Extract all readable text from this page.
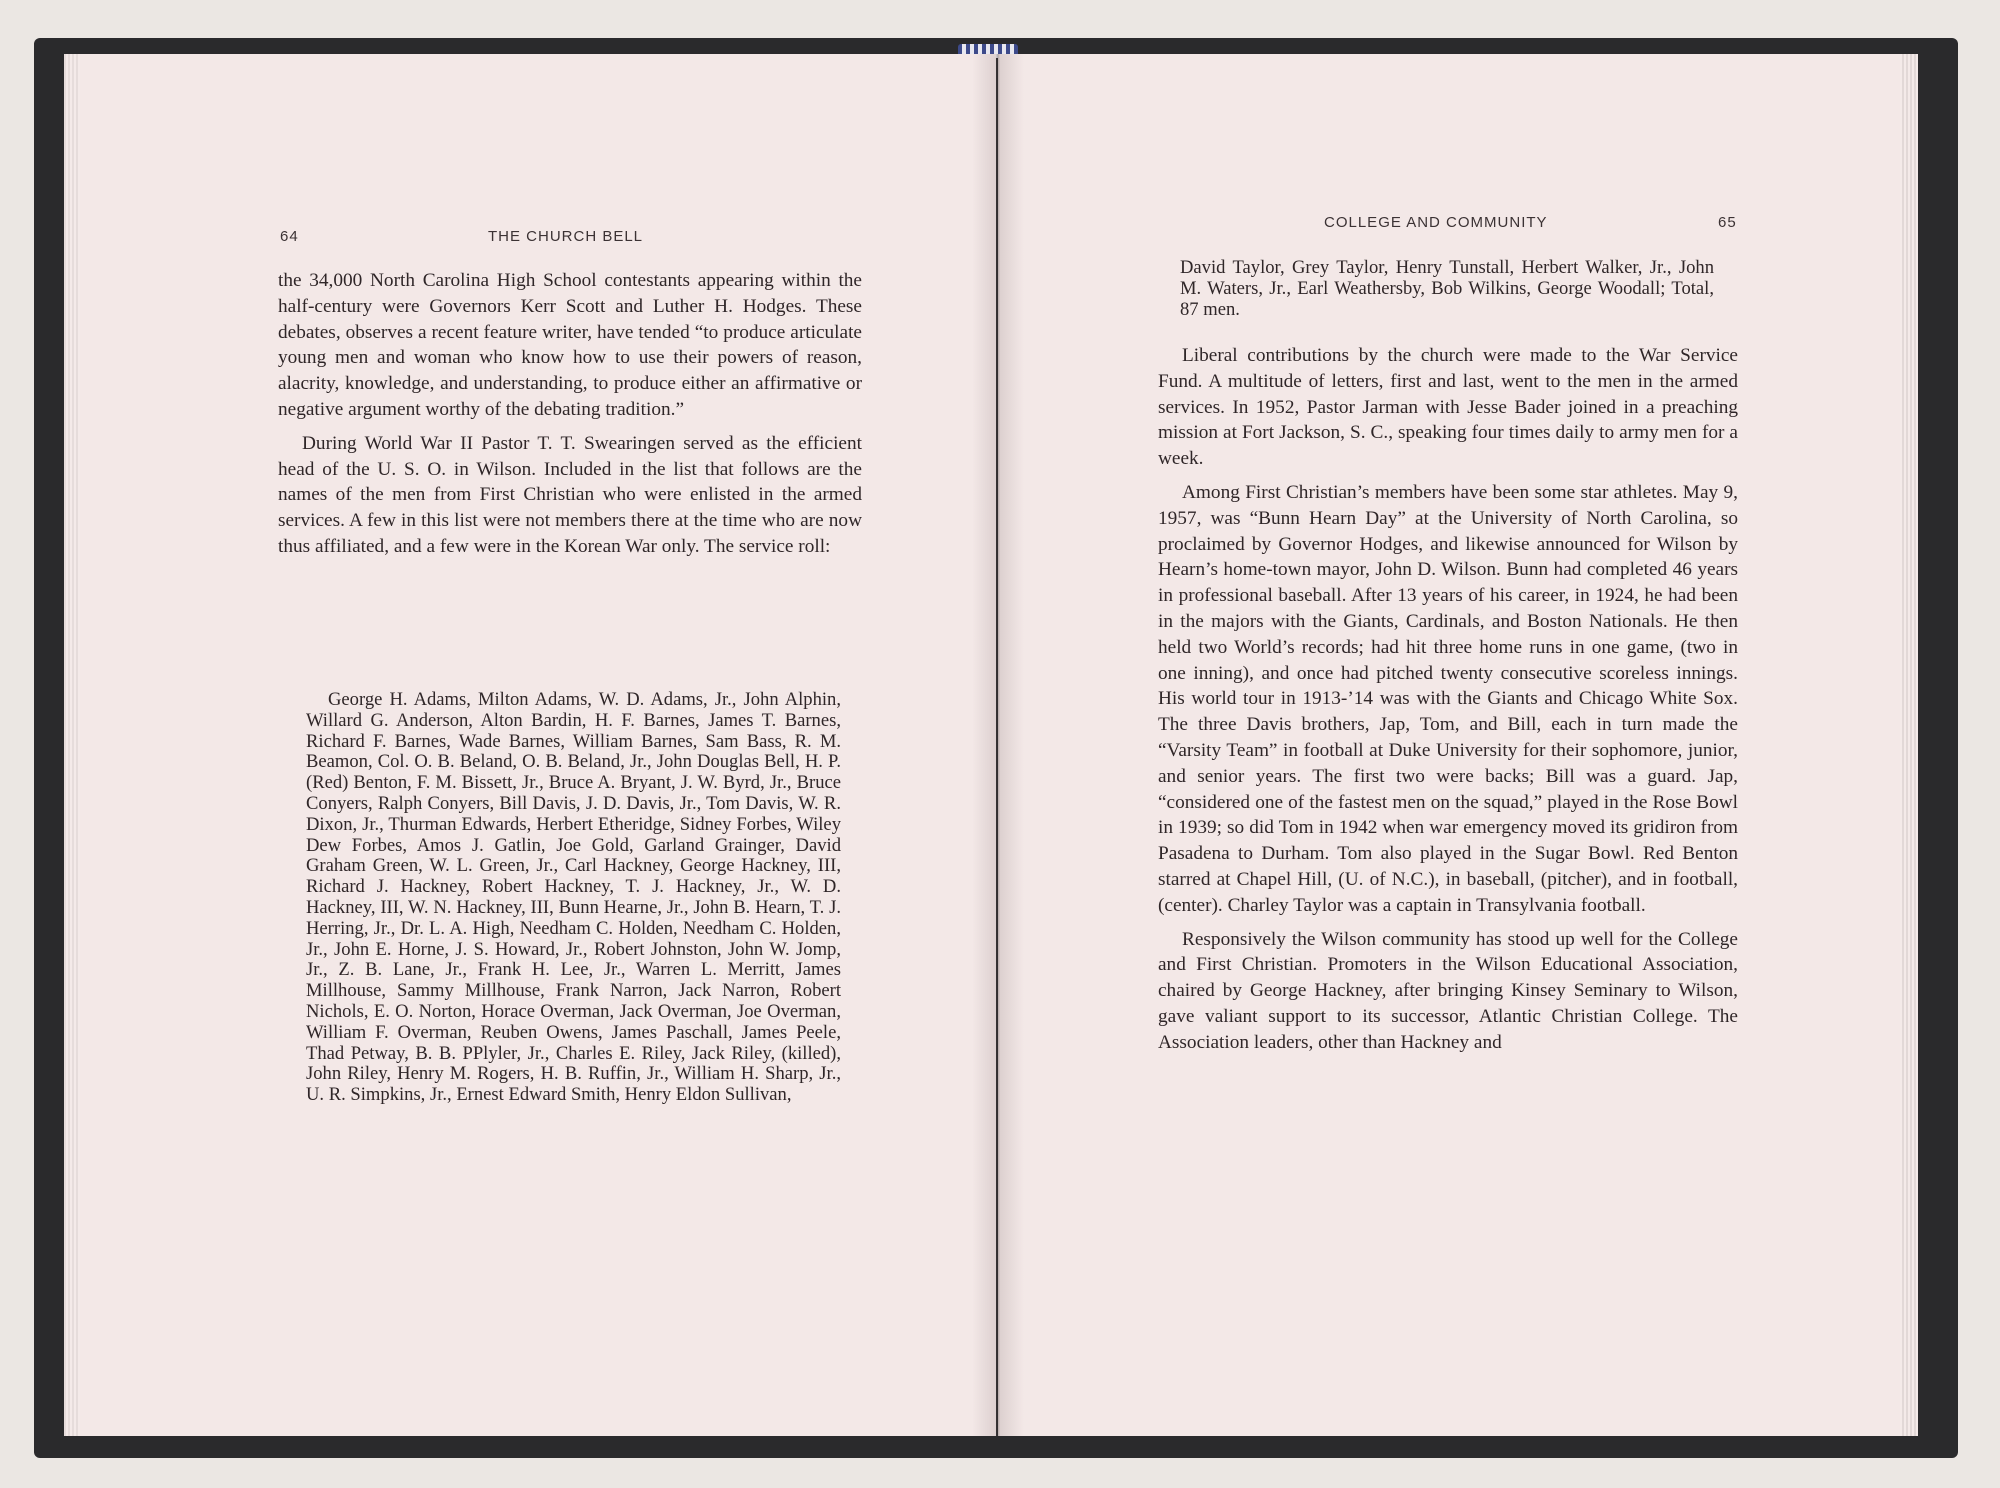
64	THE CHURCH BELL

the 34,000 North Carolina High School contestants appearing within the half-century were Governors Kerr Scott and Luther H. Hodges. These debates, observes a recent feature writer, have tended “to produce articulate young men and woman who know how to use their powers of reason, alacrity, knowledge, and understanding, to produce either an affirmative or negative argument worthy of the debating tradition.”

During World War II Pastor T. T. Swearingen served as the efficient head of the U. S. O. in Wilson. Included in the list that follows are the names of the men from First Christian who were enlisted in the armed services. A few in this list were not members there at the time who are now thus affiliated, and a few were in the Korean War only. The service roll:

George H. Adams, Milton Adams, W. D. Adams, Jr., John Alphin, Willard G. Anderson, Alton Bardin, H. F. Barnes, James T. Barnes, Richard F. Barnes, Wade Barnes, William Barnes, Sam Bass, R. M. Beamon, Col. O. B. Beland, O. B. Beland, Jr., John Douglas Bell, H. P. (Red) Benton, F. M. Bissett, Jr., Bruce A. Bryant, J. W. Byrd, Jr., Bruce Conyers, Ralph Conyers, Bill Davis, J. D. Davis, Jr., Tom Davis, W. R. Dixon, Jr., Thurman Edwards, Herbert Etheridge, Sidney Forbes, Wiley Dew Forbes, Amos J. Gatlin, Joe Gold, Garland Grainger, David Graham Green, W. L. Green, Jr., Carl Hackney, George Hackney, III, Richard J. Hackney, Robert Hackney, T. J. Hackney, Jr., W. D. Hackney, III, W. N. Hackney, III, Bunn Hearne, Jr., John B. Hearn, T. J. Herring, Jr., Dr. L. A. High, Needham C. Holden, Needham C. Holden, Jr., John E. Horne, J. S. Howard, Jr., Robert Johnston, John W. Jomp, Jr., Z. B. Lane, Jr., Frank H. Lee, Jr., Warren L. Merritt, James Millhouse, Sammy Millhouse, Frank Narron, Jack Narron, Robert Nichols, E. O. Norton, Horace Overman, Jack Overman, Joe Overman, William F. Overman, Reuben Owens, James Paschall, James Peele, Thad Petway, B. B. PPlyler, Jr., Charles E. Riley, Jack Riley, (killed), John Riley, Henry M. Rogers, H. B. Ruffin, Jr., William H. Sharp, Jr., U. R. Simpkins, Jr., Ernest Edward Smith, Henry Eldon Sullivan,
COLLEGE AND COMMUNITY	65
David Taylor, Grey Taylor, Henry Tunstall, Herbert Walker, Jr., John M. Waters, Jr., Earl Weathersby, Bob Wilkins, George Woodall; Total, 87 men.

Liberal contributions by the church were made to the War Service Fund. A multitude of letters, first and last, went to the men in the armed services. In 1952, Pastor Jarman with Jesse Bader joined in a preaching mission at Fort Jackson, S. C., speaking four times daily to army men for a week.

Among First Christian’s members have been some star athletes. May 9, 1957, was “Bunn Hearn Day” at the University of North Carolina, so proclaimed by Governor Hodges, and likewise announced for Wilson by Hearn’s home-town mayor, John D. Wilson. Bunn had completed 46 years in professional baseball. After 13 years of his career, in 1924, he had been in the majors with the Giants, Cardinals, and Boston Nationals. He then held two World’s records; had hit three home runs in one game, (two in one inning), and once had pitched twenty consecutive scoreless innings. His world tour in 1913-’14 was with the Giants and Chicago White Sox. The three Davis brothers, Jap, Tom, and Bill, each in turn made the “Varsity Team” in football at Duke University for their sophomore, junior, and senior years. The first two were backs; Bill was a guard. Jap, “considered one of the fastest men on the squad,” played in the Rose Bowl in 1939; so did Tom in 1942 when war emergency moved its gridiron from Pasadena to Durham. Tom also played in the Sugar Bowl. Red Benton starred at Chapel Hill, (U. of N.C.), in baseball, (pitcher), and in football, (center). Charley Taylor was a captain in Transylvania football.

Responsively the Wilson community has stood up well for the College and First Christian. Promoters in the Wilson Educational Association, chaired by George Hackney, after bringing Kinsey Seminary to Wilson, gave valiant support to its successor, Atlantic Christian College. The Association leaders, other than Hackney and
